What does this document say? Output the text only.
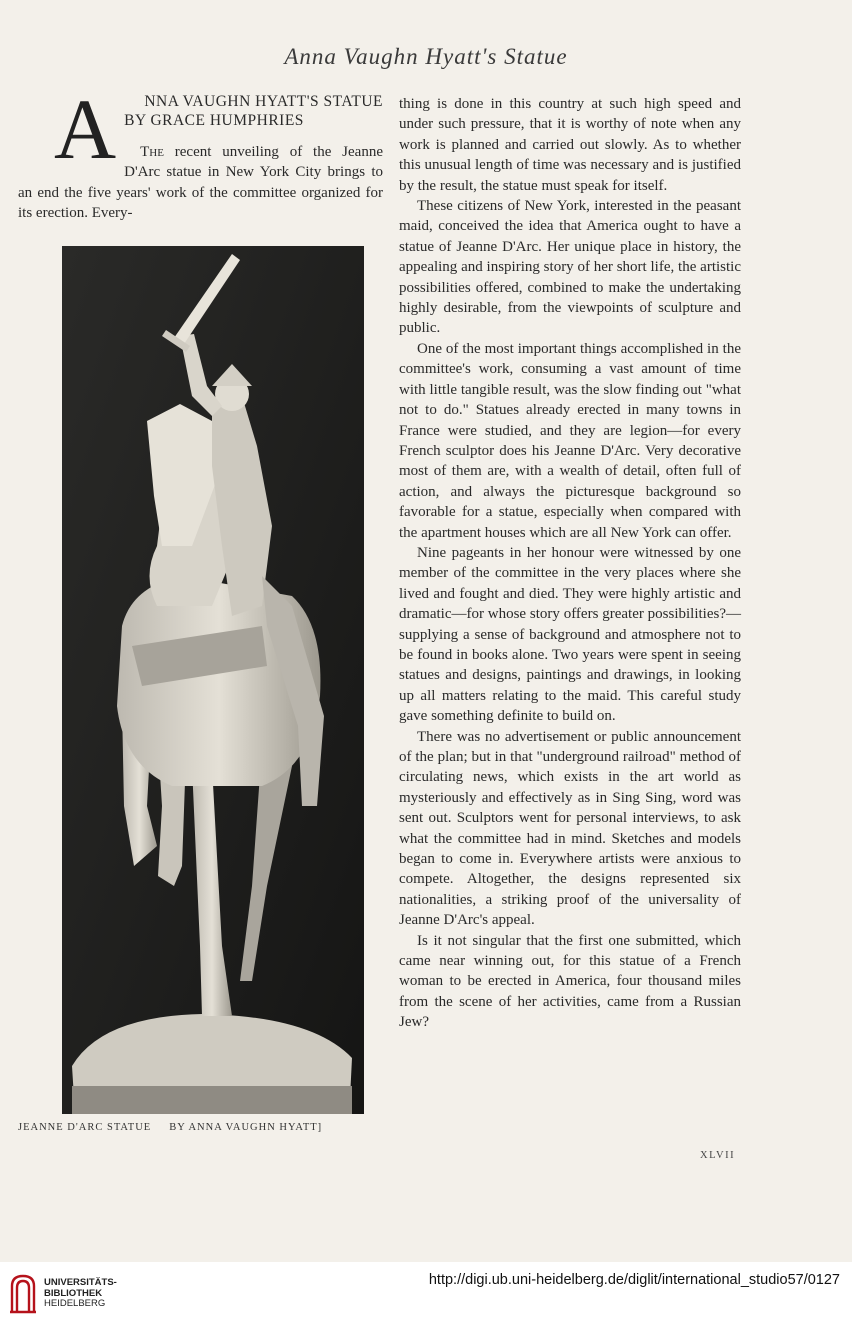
Anna Vaughn Hyatt's Statue
A	NNA VAUGHN HYATT'S STATUE
BY GRACE HUMPHRIES

The recent unveiling of the Jeanne D'Arc statue in New York City brings to an end the five years' work of the committee organized for its erection. Every-

JEANNE D'ARC STATUE BY ANNA VAUGHN HYATT]

thing is done in this country at such high speed and under such pressure, that it is worthy of note when any work is planned and carried out slowly. As to whether this unusual length of time was necessary and is justified by the result, the statue must speak for itself.

These citizens of New York, interested in the peasant maid, conceived the idea that America ought to have a statue of Jeanne D'Arc. Her unique place in history, the appealing and inspiring story of her short life, the artistic possibilities offered, combined to make the undertaking highly desirable, from the viewpoints of sculpture and public.

One of the most important things accomplished in the committee's work, consuming a vast amount of time with little tangible result, was the slow finding out "what not to do." Statues already erected in many towns in France were studied, and they are legion—for every French sculptor does his Jeanne D'Arc. Very decorative most of them are, with a wealth of detail, often full of action, and always the picturesque background so favorable for a statue, especially when compared with the apartment houses which are all New York can offer.

Nine pageants in her honour were witnessed by one member of the committee in the very places where she lived and fought and died. They were highly artistic and dramatic—for whose story offers greater possibilities?—supplying a sense of background and atmosphere not to be found in books alone. Two years were spent in seeing statues and designs, paintings and drawings, in looking up all matters relating to the maid. This careful study gave something definite to build on.

There was no advertisement or public announcement of the plan; but in that "underground railroad" method of circulating news, which exists in the art world as mysteriously and effectively as in Sing Sing, word was sent out. Sculptors went for personal interviews, to ask what the committee had in mind. Sketches and models began to come in. Everywhere artists were anxious to compete. Altogether, the designs represented six nationalities, a striking proof of the universality of Jeanne D'Arc's appeal.

Is it not singular that the first one submitted, which came near winning out, for this statue of a French woman to be erected in America, four thousand miles from the scene of her activities, came from a Russian Jew?

XLVII
UNIVERSITÄTS-
BIBLIOTHEK
HEIDELBERG
http://digi.ub.uni-heidelberg.de/diglit/international_studio57/0127
